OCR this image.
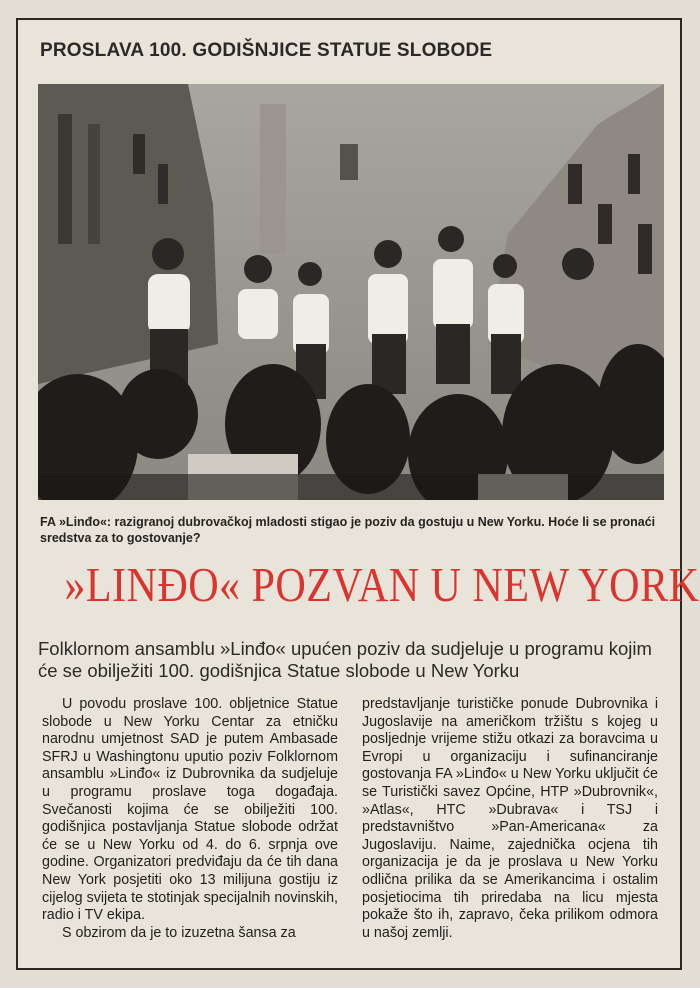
PROSLAVA 100. GODIŠNJICE STATUE SLOBODE
FA »Linđo«: razigranoj dubrovačkoj mladosti stigao je poziv da gostuju u New Yorku. Hoće li se pronaći sredstva za to gostovanje?
»LINĐO« POZVAN U NEW YORK
Folklornom ansamblu »Linđo« upućen poziv da sudjeluje u programu kojim će se obilježiti 100. godišnjica Statue slobode u New Yorku

U povodu proslave 100. obljetnice Statue slobode u New Yorku Centar za etničku narodnu umjetnost SAD je putem Ambasade SFRJ u Washingtonu uputio poziv Folklornom ansamblu »Linđo« iz Dubrovnika da sudjeluje u programu proslave toga događaja. Svečanosti kojima će se obilježiti 100. godišnjica postavljanja Statue slobode održat će se u New Yorku od 4. do 6. srpnja ove godine. Organizatori predviđaju da će tih dana New York posjetiti oko 13 milijuna gostiju iz cijelog svijeta te stotinjak specijalnih novinskih, radio i TV ekipa.

S obzirom da je to izuzetna šansa za

predstavljanje turističke ponude Dubrovnika i Jugoslavije na američkom tržištu s kojeg u posljednje vrijeme stižu otkazi za boravcima u Evropi u organizaciju i sufinanciranje gostovanja FA »Linđo« u New Yorku uključit će se Turistički savez Općine, HTP »Dubrovnik«, »Atlas«, HTC »Dubrava« i TSJ i predstavništvo »Pan-Americana« za Jugoslaviju. Naime, zajednička ocjena tih organizacija je da je proslava u New Yorku odlična prilika da se Amerikancima i ostalim posjetiocima tih priredaba na licu mjesta pokaže što ih, zapravo, čeka prilikom odmora u našoj zemlji.
